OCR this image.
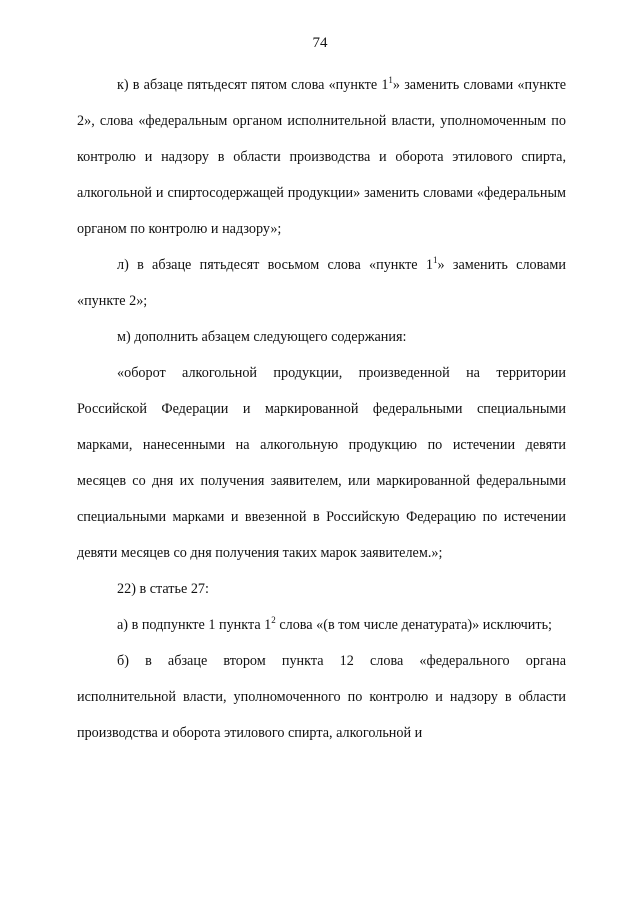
74

к) в абзаце пятьдесят пятом слова «пункте $1^1$» заменить словами «пункте 2», слова «федеральным органом исполнительной власти, уполномоченным по контролю и надзору в области производства и оборота этилового спирта, алкогольной и спиртосодержащей продукции» заменить словами «федеральным органом по контролю и надзору»;

л) в абзаце пятьдесят восьмом слова «пункте $1^1$» заменить словами «пункте 2»;

м) дополнить абзацем следующего содержания:

«оборот алкогольной продукции, произведенной на территории Российской Федерации и маркированной федеральными специальными марками, нанесенными на алкогольную продукцию по истечении девяти месяцев со дня их получения заявителем, или маркированной федеральными специальными марками и ввезенной в Российскую Федерацию по истечении девяти месяцев со дня получения таких марок заявителем.»;

22) в статье 27:

а) в подпункте 1 пункта $1^2$ слова «(в том числе денатурата)» исключить;

б) в абзаце втором пункта 12 слова «федерального органа исполнительной власти, уполномоченного по контролю и надзору в области производства и оборота этилового спирта, алкогольной и
